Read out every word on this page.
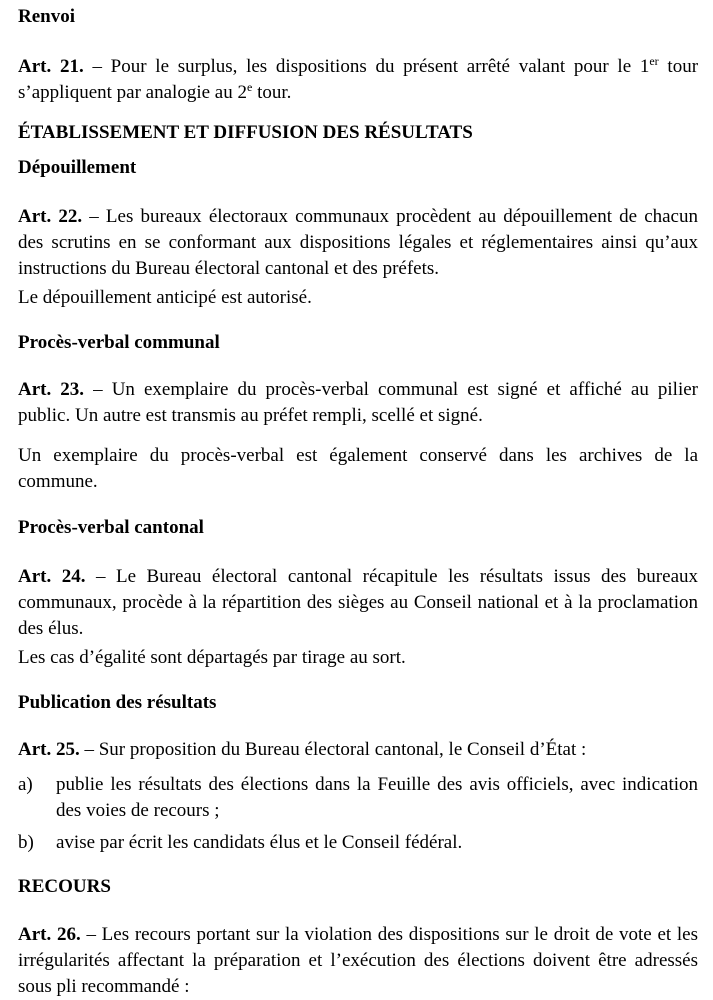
Renvoi

Art. 21. – Pour le surplus, les dispositions du présent arrêté valant pour le 1er tour s’appliquent par analogie au 2e tour.

ÉTABLISSEMENT ET DIFFUSION DES RÉSULTATS
Dépouillement

Art. 22. – Les bureaux électoraux communaux procèdent au dépouillement de chacun des scrutins en se conformant aux dispositions légales et réglementaires ainsi qu’aux instructions du Bureau électoral cantonal et des préfets.

Le dépouillement anticipé est autorisé.

Procès-verbal communal

Art. 23. – Un exemplaire du procès-verbal communal est signé et affiché au pilier public. Un autre est transmis au préfet rempli, scellé et signé.

Un exemplaire du procès-verbal est également conservé dans les archives de la commune.

Procès-verbal cantonal

Art. 24. – Le Bureau électoral cantonal récapitule les résultats issus des bureaux communaux, procède à la répartition des sièges au Conseil national et à la proclamation des élus.

Les cas d’égalité sont départagés par tirage au sort.

Publication des résultats

Art. 25. – Sur proposition du Bureau électoral cantonal, le Conseil d’État :

a) publie les résultats des élections dans la Feuille des avis officiels, avec indication des voies de recours ;
b) avise par écrit les candidats élus et le Conseil fédéral.
RECOURS

Art. 26. – Les recours portant sur la violation des dispositions sur le droit de vote et les irrégularités affectant la préparation et l’exécution des élections doivent être adressés sous pli recommandé :
